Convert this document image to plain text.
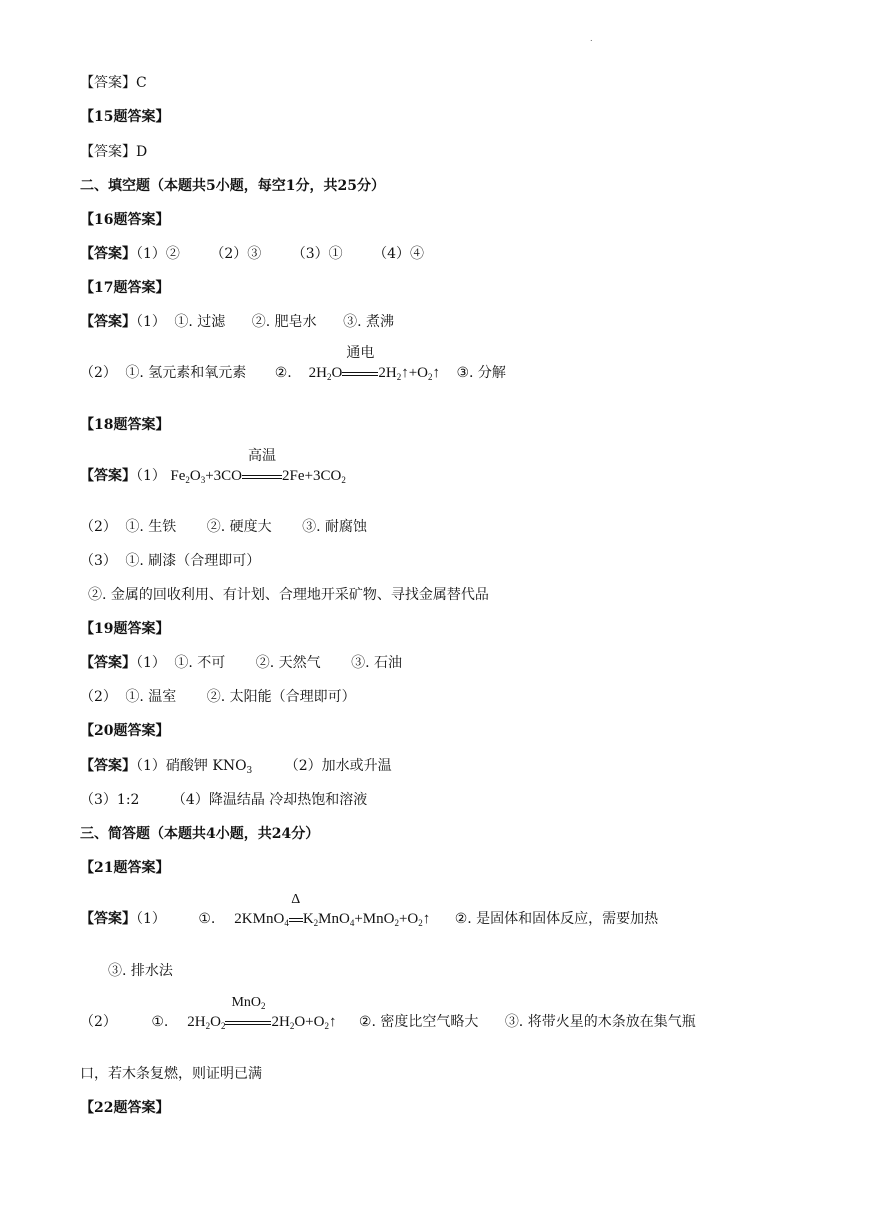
.
【答案】C
【15题答案】
【答案】D
二、填空题（本题共5小题，每空1分，共25分）
【16题答案】
【答案】（1）② （2）③ （3）① （4）④
【17题答案】
【答案】（1） ①. 过滤 ②. 肥皂水 ③. 煮沸
（2） ①. 氢元素和氧元素 ②. $2H_2O$
通电
$2H_2↑+O_2↑$ ③. 分解
【18题答案】
【答案】（1） $Fe_2O_3+3CO$
高温
$2Fe+3CO_2$
（2） ①. 生铁 ②. 硬度大 ③. 耐腐蚀
（3） ①. 刷漆（合理即可）
②. 金属的回收利用、有计划、合理地开采矿物、寻找金属替代品
【19题答案】
【答案】（1） ①. 不可 ②. 天然气 ③. 石油
（2） ①. 温室 ②. 太阳能（合理即可）
【20题答案】
【答案】（1）硝酸钾 $KNO_3$ （2）加水或升温
（3）1:2 （4）降温结晶 冷却热饱和溶液
三、简答题（本题共4小题，共24分）
【21题答案】
【答案】（1） ①. 2KMnO$_4$
Δ
$K_2MnO_4+MnO_2+O_2↑$ ②. 是固体和固体反应，需要加热
③. 排水法
（2） ①. $2H_2O_2$
MnO$_2$
$2H_2O+O_2↑$ ②. 密度比空气略大 ③. 将带火星的木条放在集气瓶
口，若木条复燃，则证明已满
【22题答案】
